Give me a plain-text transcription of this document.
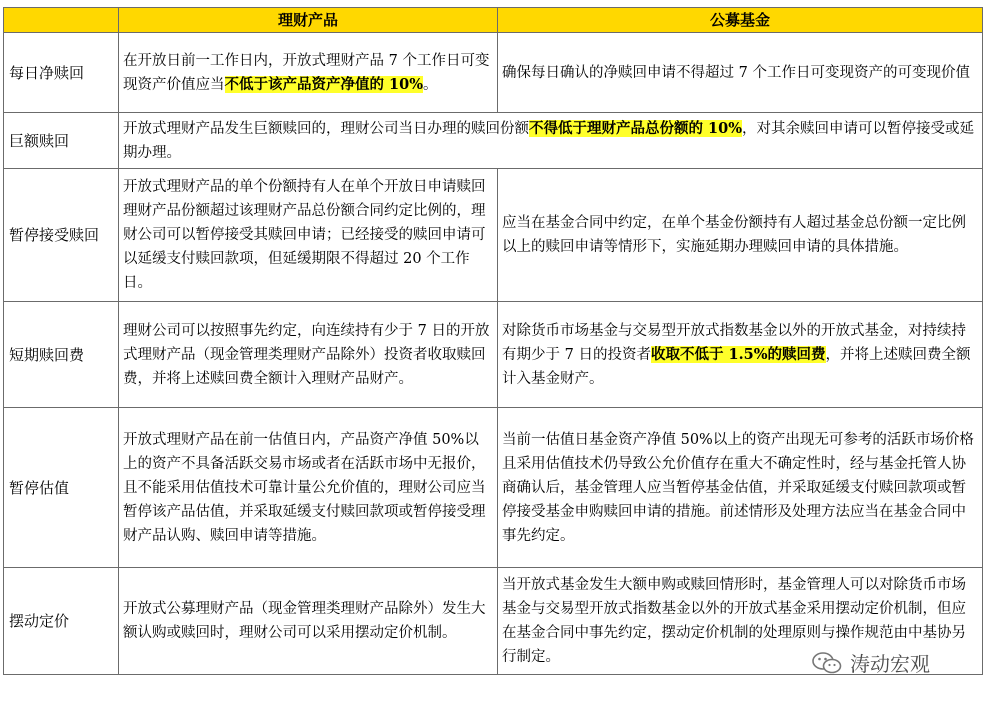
	理财产品	公募基金
每日净赎回	在开放日前一工作日内，开放式理财产品 7 个工作日可变现资产价值应当不低于该产品资产净值的 10%。	确保每日确认的净赎回申请不得超过 7 个工作日可变现资产的可变现价值
巨额赎回	开放式理财产品发生巨额赎回的，理财公司当日办理的赎回份额不得低于理财产品总份额的 10%，对其余赎回申请可以暂停接受或延期办理。	
暂停接受赎回	开放式理财产品的单个份额持有人在单个开放日申请赎回理财产品份额超过该理财产品总份额合同约定比例的，理财公司可以暂停接受其赎回申请；已经接受的赎回申请可以延缓支付赎回款项，但延缓期限不得超过 20 个工作日。	应当在基金合同中约定，在单个基金份额持有人超过基金总份额一定比例以上的赎回申请等情形下，实施延期办理赎回申请的具体措施。
短期赎回费	理财公司可以按照事先约定，向连续持有少于 7 日的开放式理财产品（现金管理类理财产品除外）投资者收取赎回费，并将上述赎回费全额计入理财产品财产。	对除货币市场基金与交易型开放式指数基金以外的开放式基金，对持续持有期少于 7 日的投资者收取不低于 1.5%的赎回费，并将上述赎回费全额计入基金财产。
暂停估值	开放式理财产品在前一估值日内，产品资产净值 50%以上的资产不具备活跃交易市场或者在活跃市场中无报价，且不能采用估值技术可靠计量公允价值的，理财公司应当暂停该产品估值，并采取延缓支付赎回款项或暂停接受理财产品认购、赎回申请等措施。	当前一估值日基金资产净值 50%以上的资产出现无可参考的活跃市场价格且采用估值技术仍导致公允价值存在重大不确定性时，经与基金托管人协商确认后，基金管理人应当暂停基金估值，并采取延缓支付赎回款项或暂停接受基金申购赎回申请的措施。前述情形及处理方法应当在基金合同中事先约定。
摆动定价	开放式公募理财产品（现金管理类理财产品除外）发生大额认购或赎回时，理财公司可以采用摆动定价机制。	当开放式基金发生大额申购或赎回情形时，基金管理人可以对除货币市场基金与交易型开放式指数基金以外的开放式基金采用摆动定价机制，但应在基金合同中事先约定，摆动定价机制的处理原则与操作规范由中基协另行制定。	涛动宏观
